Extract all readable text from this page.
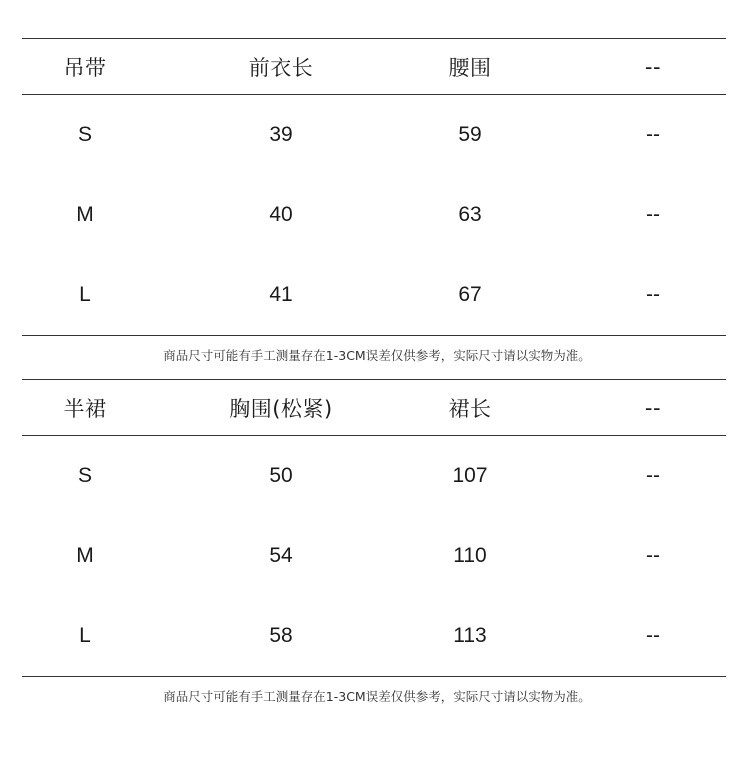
吊带	前衣长	腰围	--
S	39	59	--
M	40	63	--
L	41	67	--
商品尺寸可能有手工测量存在1-3CM误差仅供参考，实际尺寸请以实物为准。
半裙	胸围(松紧)	裙长	--
S	50	107	--
M	54	110	--
L	58	113	--
商品尺寸可能有手工测量存在1-3CM误差仅供参考，实际尺寸请以实物为准。
